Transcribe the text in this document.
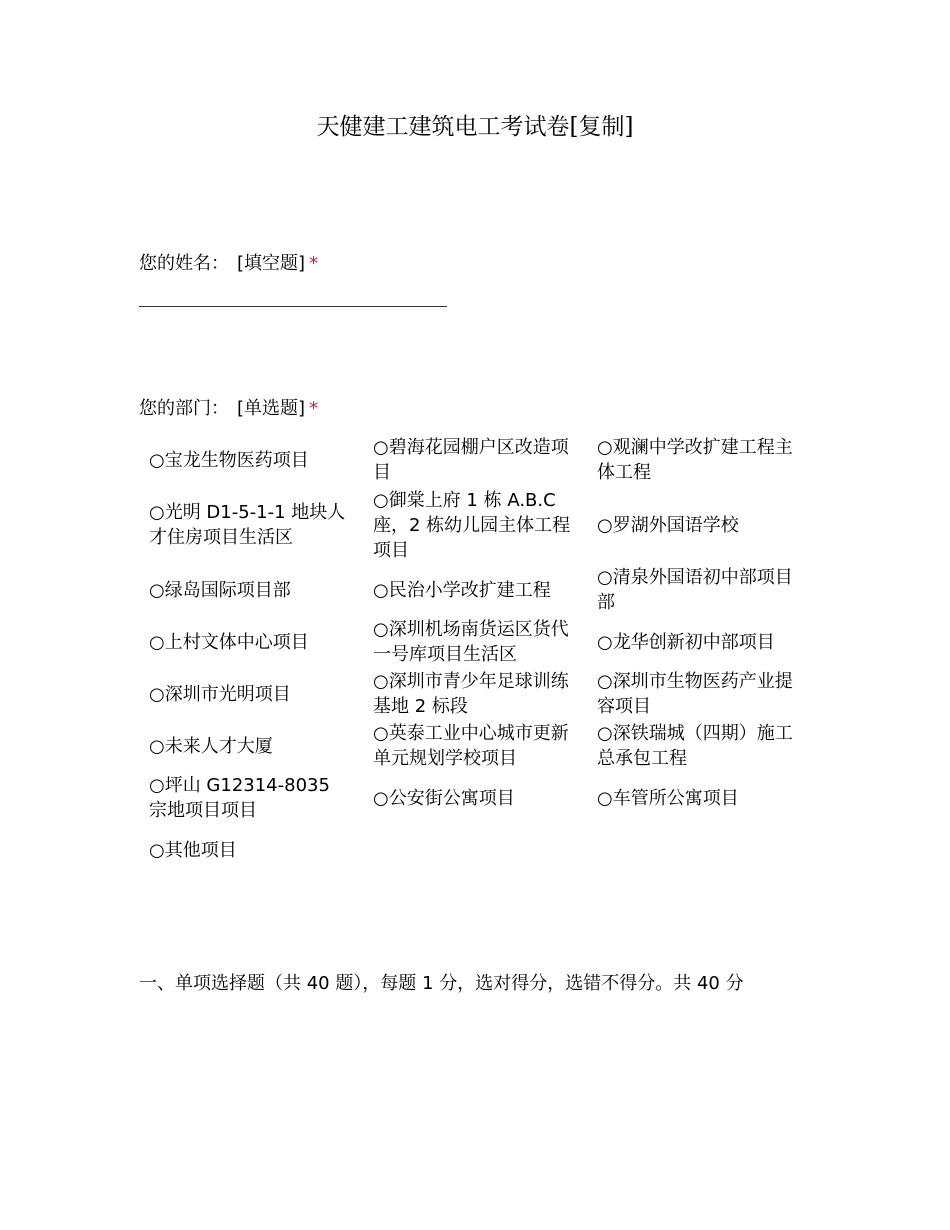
天健建工建筑电工考试卷[复制]
您的姓名： [填空题] *
您的部门： [单选题] *
○宝龙生物医药项目	○碧海花园棚户区改造项目	○观澜中学改扩建工程主体工程
○光明 D1-5-1-1 地块人才住房项目生活区	○御棠上府 1 栋 A.B.C 座，2 栋幼儿园主体工程项目	○罗湖外国语学校
○绿岛国际项目部	○民治小学改扩建工程	○清泉外国语初中部项目部
○上村文体中心项目	○深圳机场南货运区货代一号库项目生活区	○龙华创新初中部项目
○深圳市光明项目	○深圳市青少年足球训练基地 2 标段	○深圳市生物医药产业提容项目
○未来人才大厦	○英泰工业中心城市更新单元规划学校项目	○深铁瑞城（四期）施工总承包工程
○坪山 G12314-8035 宗地项目项目	○公安街公寓项目	○车管所公寓项目
○其他项目		
一、单项选择题（共 40 题），每题 1 分，选对得分，选错不得分。共 40 分
